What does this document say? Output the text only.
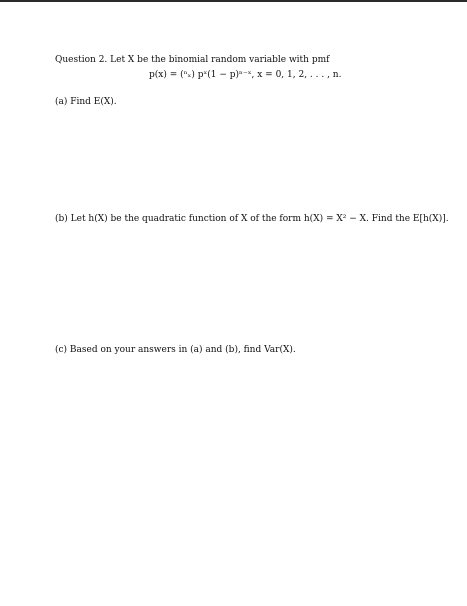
Question 2. Let X be the binomial random variable with pmf
p(x) = (ⁿₓ) pˣ(1 − p)ⁿ⁻ˣ, x = 0, 1, 2, . . . , n.
(a) Find E(X).
(b) Let h(X) be the quadratic function of X of the form h(X) = X² − X. Find the E[h(X)].
(c) Based on your answers in (a) and (b), find Var(X).
